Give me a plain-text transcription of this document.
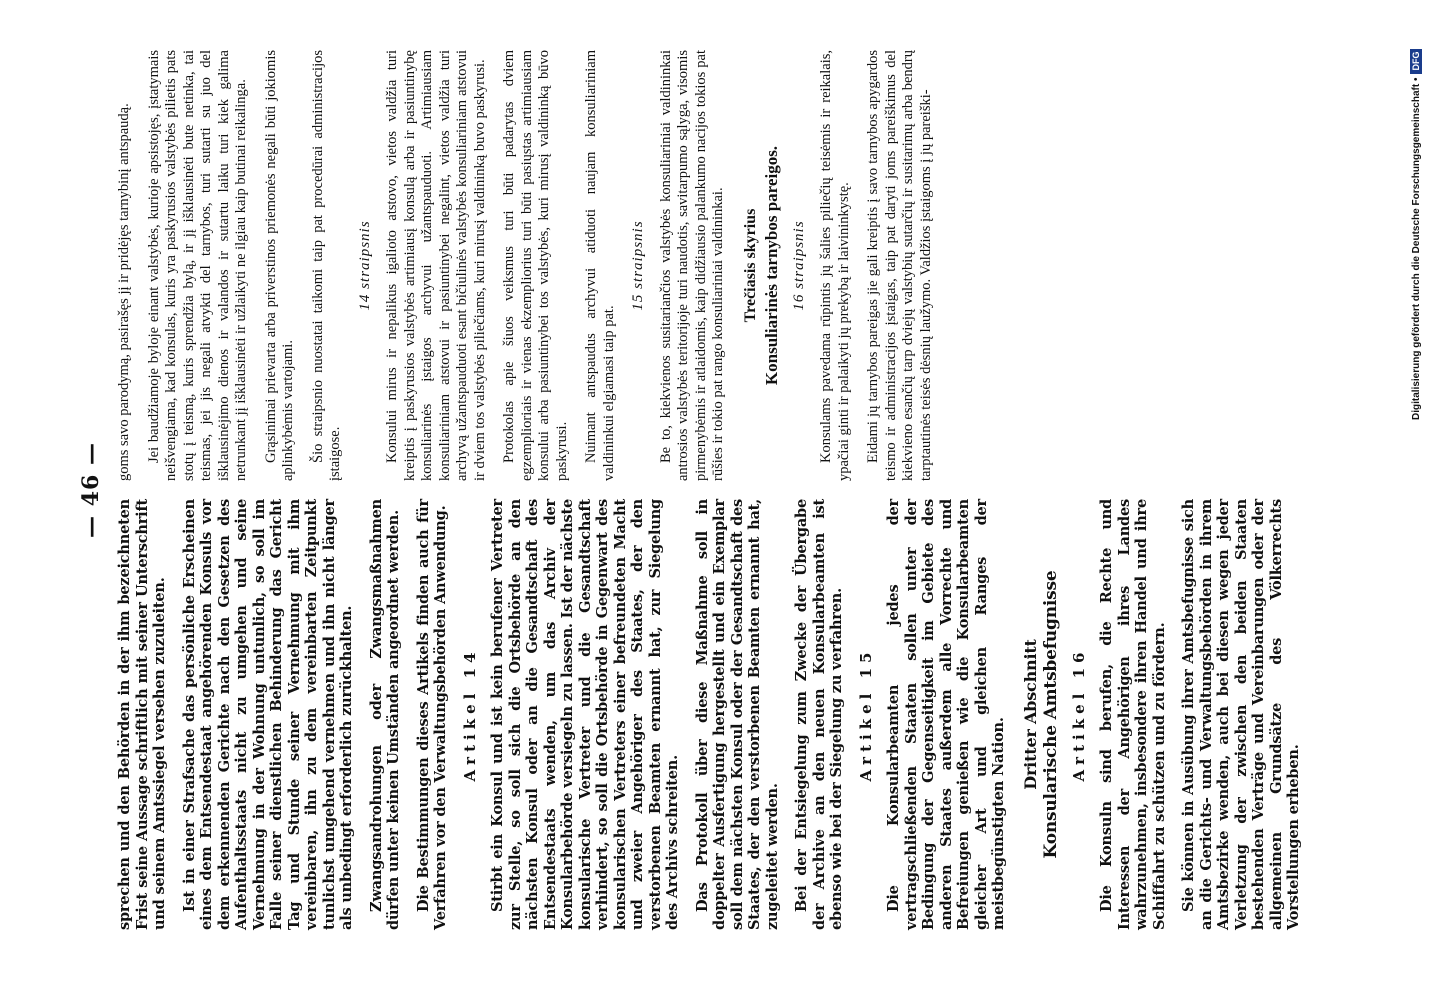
— 46 —

sprechen und den Behörden in der ihm bezeichneten Frist seine Aussage schriftlich mit seiner Unterschrift und seinem Amtssiegel versehen zuzuleiten. Ist in einer Strafsache das persönliche Erscheinen eines dem Entsendestaat angehörenden Konsuls vor dem erkennenden Gerichte nach den Gesetzen des Aufenthaltsstaats nicht zu umgehen und seine Vernehmung in der Wohnung untunlich, so soll im Falle seiner dienstlichen Behinderung das Gericht Tag und Stunde seiner Vernehmung mit ihm vereinbaren, ihn zu dem vereinbarten Zeitpunkt tunlichst umgehend vernehmen und ihn nicht länger als unbedingt erforderlich zurückhalten. Zwangsandrohungen oder Zwangsmaßnahmen dürfen unter keinen Umständen angeordnet werden. Die Bestimmungen dieses Artikels finden auch für Verfahren vor den Verwaltungsbehörden Anwendung. Artikel 14 Stirbt ein Konsul und ist kein berufener Vertreter zur Stelle, so soll sich die Ortsbehörde an den nächsten Konsul oder an die Gesandtschaft des Entsendestaats wenden, um das Archiv der Konsularbehörde versiegeln zu lassen. Ist der nächste konsularische Vertreter und die Gesandtschaft verhindert, so soll die Ortsbehörde in Gegenwart des konsularischen Vertreters einer befreundeten Macht und zweier Angehöriger des Staates, der den verstorbenen Beamten ernannt hat, zur Siegelung des Archivs schreiten. Das Protokoll über diese Maßnahme soll in doppelter Ausfertigung hergestellt und ein Exemplar soll dem nächsten Konsul oder der Gesandtschaft des Staates, der den verstorbenen Beamten ernannt hat, zugeleitet werden. Bei der Entsiegelung zum Zwecke der Übergabe der Archive an den neuen Konsularbeamten ist ebenso wie bei der Siegelung zu verfahren. Artikel 15 Die Konsularbeamten jedes der vertragschließenden Staaten sollen unter der Bedingung der Gegenseitigkeit im Gebiete des anderen Staates außerdem alle Vorrechte und Befreiungen genießen wie die Konsularbeamten gleicher Art und gleichen Ranges der meistbegünstigten Nation.

Dritter Abschnitt Konsularische Amtsbefugnisse Artikel 16 Die Konsuln sind berufen, die Rechte und Interessen der Angehörigen ihres Landes wahrzunehmen, insbesondere ihren Handel und ihre Schiffahrt zu schützen und zu fördern. Sie können in Ausübung ihrer Amtsbefugnisse sich an die Gerichts- und Verwaltungsbehörden in ihrem Amtsbezirke wenden, auch bei diesen wegen jeder Verletzung der zwischen den beiden Staaten bestehenden Verträge und Vereinbarungen oder der allgemeinen Grundsätze des Völkerrechts Vorstellungen erheben.

goms savo parodymą, pasirašęs jį ir pridėjęs tarnybinį antspaudą. Jei baudžiamoje byloje einant valstybės, kurioje apsistojęs, įstatymais neišvengiama, kad konsulas, kuris yra paskyrusios valstybės pilietis pats stotų į teismą, kuris sprendžia bylą, ir jį išklausinėti bute netinka, tai teismas, jei jis negali atvykti del tarnybos, turi sutarti su juo del išklausinėjimo dienos ir valandos ir sutartu laiku turi kiek galima netrunkant jį išklausinėti ir užlaikyti ne ilgiau kaip butinai reikalinga. Grąsinimai prievarta arba priverstinos priemonės negali būti jokiomis aplinkybėmis vartojami. Šio straipsnio nuostatai taikomi taip pat procedūrai administracijos įstaigose.

14 straipsnis Konsului mirus ir nepalikus igalioto atstovo, vietos valdžia turi kreiptis į paskyrusios valstybės artimiausį konsulą arba ir pasiuntinybę konsuliarinės įstaigos archyvui užantspauduoti. Artimiausiam konsuliariniam atstovui ir pasiuntinybei negalint, vietos valdžia turi archyvą užantspauduoti esant bičiulinės valstybės konsuliariniam atstovui ir dviem tos valstybės piliečiams, kuri mirusį valdininką buvo paskyrusi. Protokolas apie šiuos veiksmus turi būti padarytas dviem egzemplioriais ir vienas ekzempliorius turi būti pasiųstas artimiausiam konsului arba pasiuntinybei tos valstybės, kuri mirusį valdininką būvo paskyrusi. Nuimant antspaudus archyvui atiduoti naujam konsuliariniam valdininkui elgiamasi taip pat.

15 straipsnis Be to, kiekvienos susitariančios valstybės konsuliariniai valdininkai antrosios valstybės teritorijoje turi naudotis, savitarpumo sąlyga, visomis pirmenybėmis ir atlaidomis, kaip didžiausio palankumo nacijos tokios pat rūšies ir tokio pat rango konsuliariniai valdininkai. Trečiasis skyrius Konsuliarinės tarnybos pareigos. 16 straipsnis Konsulams pavedama rūpintis jų šalies piliečių teisėmis ir reikalais, ypačiai ginti ir palaikyti jų prekybą ir laivininkystę. Eidami jų tarnybos pareigas jie gali kreiptis į savo tarnybos apygardos teismo ir administracijos įstaigas, taip pat daryti joms pareiškimus del kiekvieno esančių tarp dviejų valstybių sutarčių ir susitarimų arba bendrų tarptautinės teisės dėsnių laužymo. Valdžios įstaigoms į jų pareiški-	Digitalisierung gefördert durch die Deutsche Forschungsgemeinschaft •
DFG
